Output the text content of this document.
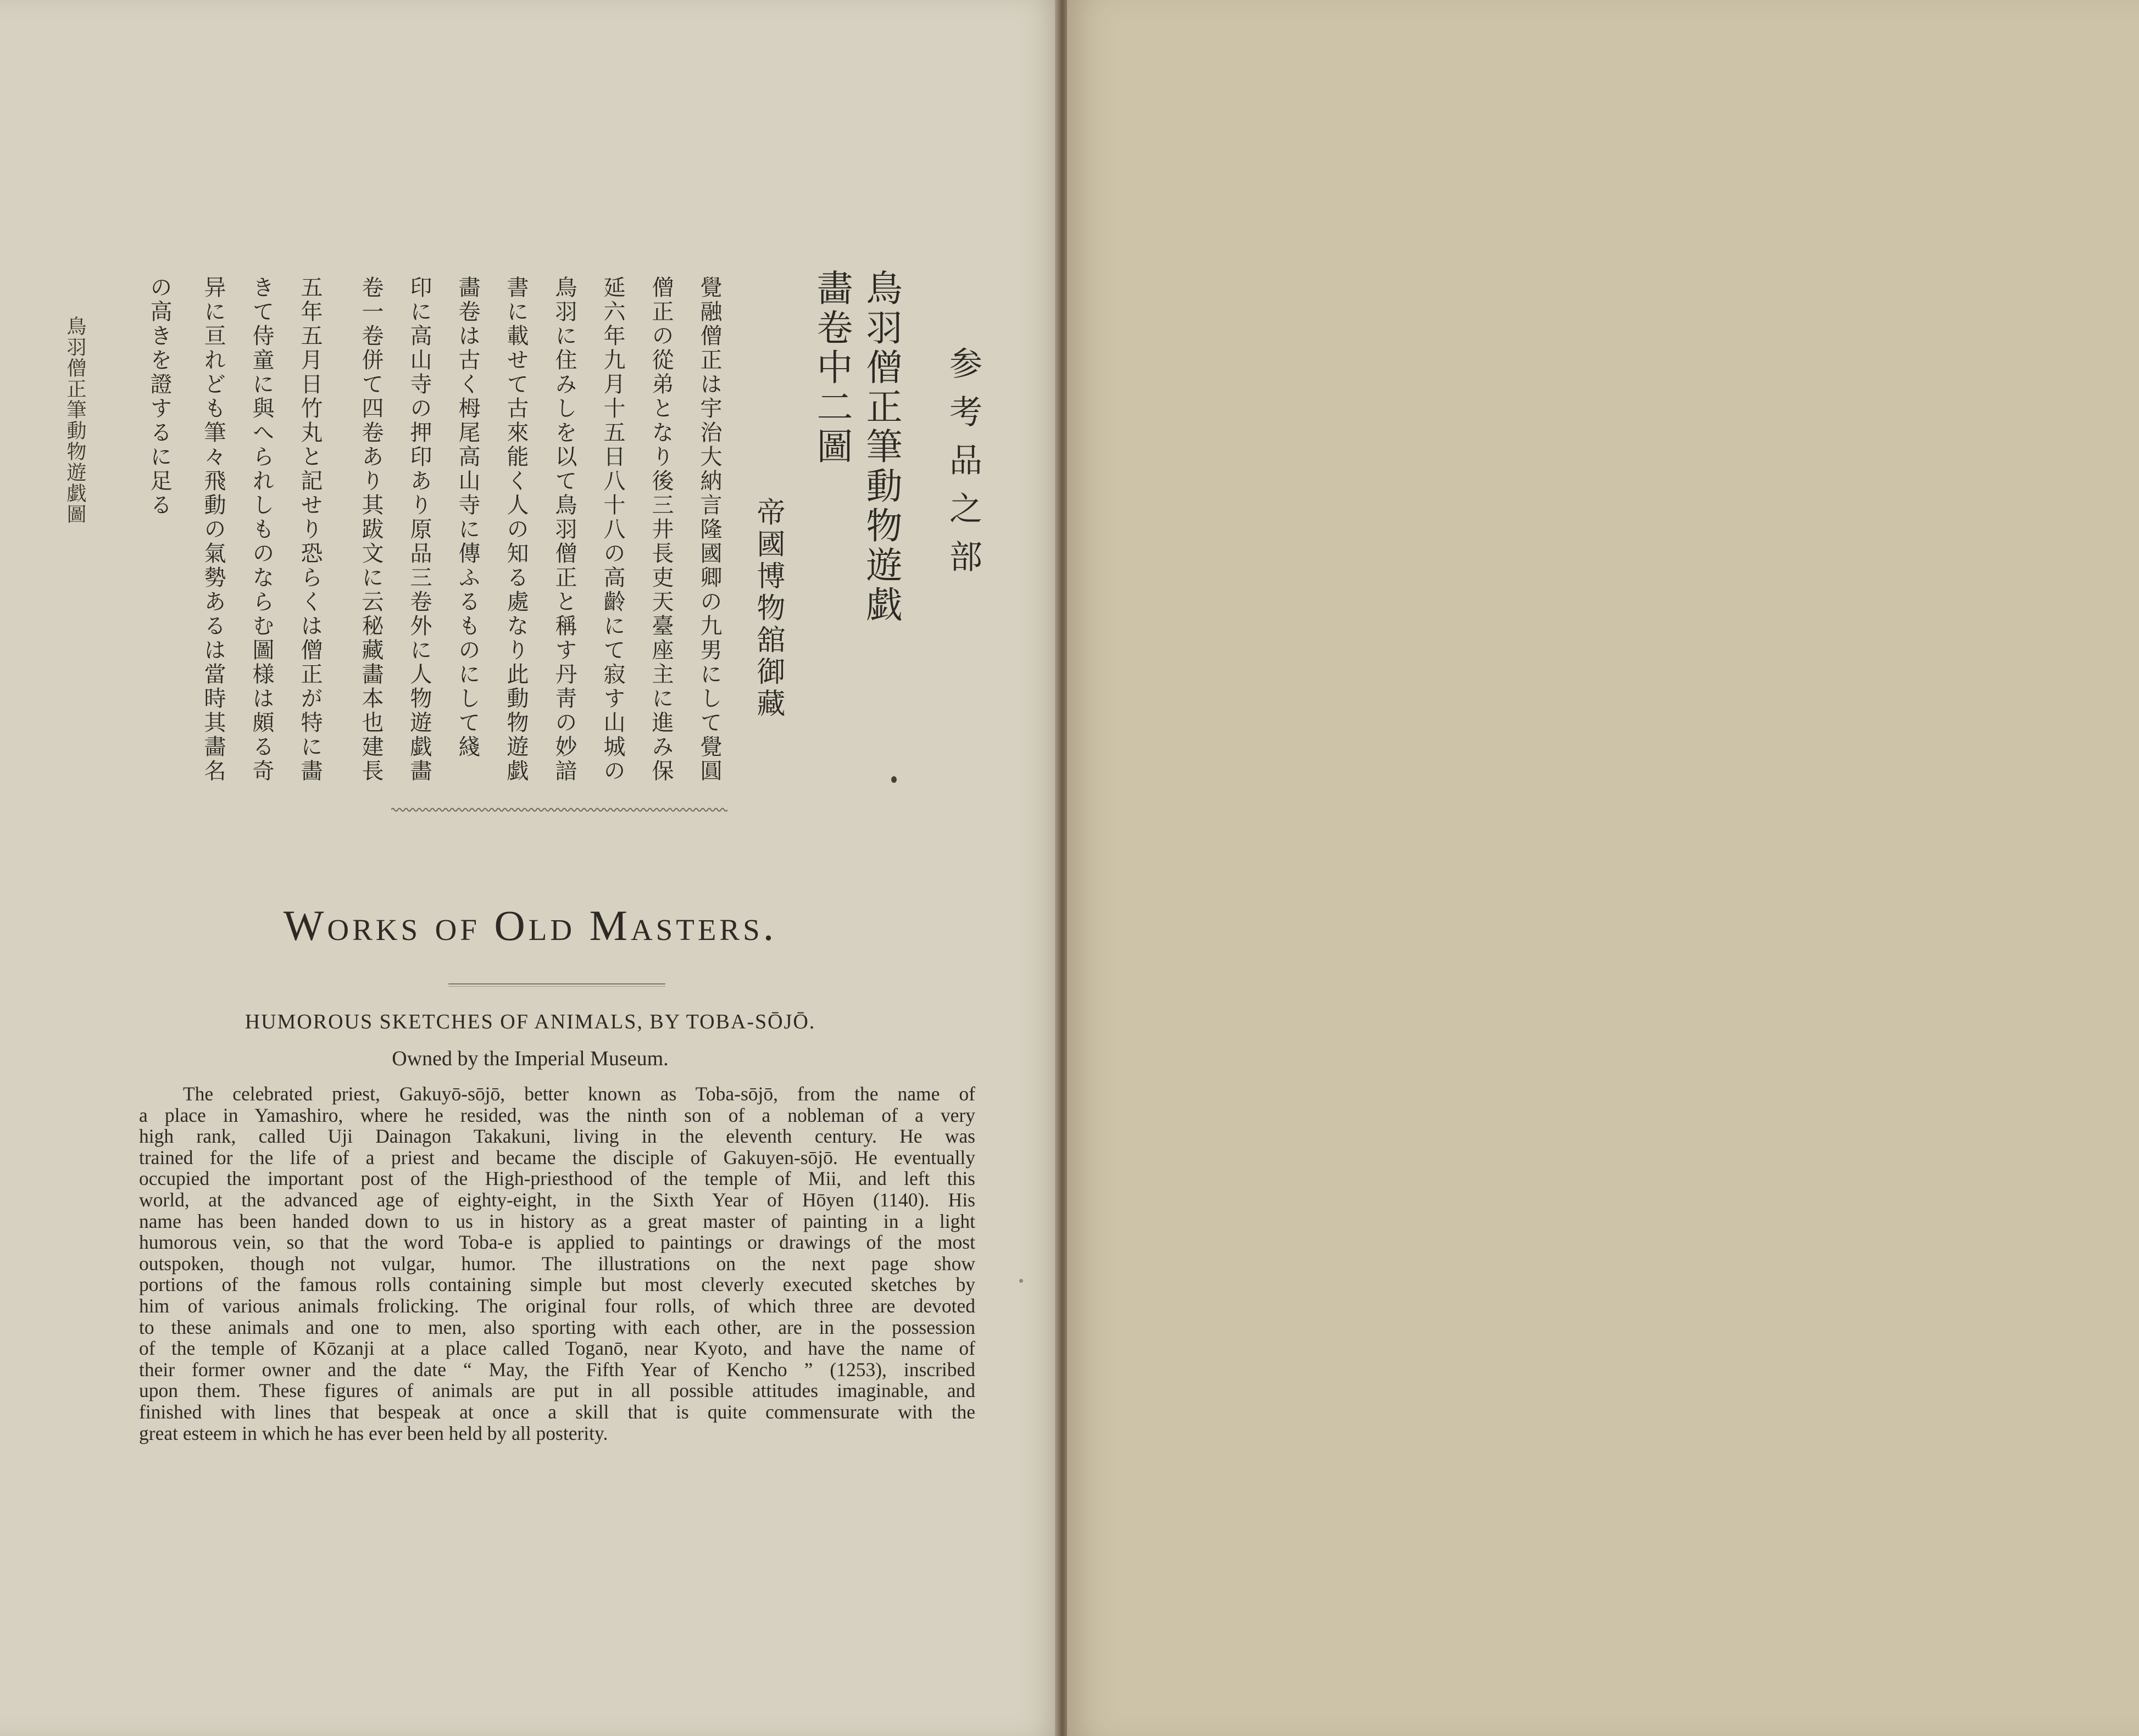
参考品之部
鳥羽僧正筆動物遊戯
畵卷中二圖
帝國博物舘御藏
覺融僧正は宇治大納言隆國卿の九男にして覺圓
僧正の從弟となり後三井長吏天臺座主に進み保
延六年九月十五日八十八の高齡にて寂す山城の
鳥羽に住みしを以て鳥羽僧正と稱す丹靑の妙諳
書に載せて古來能く人の知る處なり此動物遊戯
畵卷は古く栂尾高山寺に傳ふるものにして綫
印に高山寺の押印あり原品三卷外に人物遊戯畵
卷一卷併て四卷あり其跋文に云秘藏畵本也建長
五年五月日竹丸と記せり恐らくは僧正が特に畵
きて侍童に與へられしものならむ圖様は頗る奇
异に亘れども筆々飛動の氣勢あるは當時其畵名
の高きを證するに足る
鳥羽僧正筆動物遊戯圖
Works of Old Masters.
HUMOROUS SKETCHES OF ANIMALS, BY TOBA-SŌJŌ.
Owned by the Imperial Museum.
The celebrated priest, Gakuyō-sōjō, better known as Toba-sōjō, from the name of
a place in Yamashiro, where he resided, was the ninth son of a nobleman of a very
high rank, called Uji Dainagon Takakuni, living in the eleventh century. He was
trained for the life of a priest and became the disciple of Gakuyen-sōjō. He eventually
occupied the important post of the High-priesthood of the temple of Mii, and left this
world, at the advanced age of eighty-eight, in the Sixth Year of Hōyen (1140). His
name has been handed down to us in history as a great master of painting in a light
humorous vein, so that the word Toba-e is applied to paintings or drawings of the most
outspoken, though not vulgar, humor. The illustrations on the next page show
portions of the famous rolls containing simple but most cleverly executed sketches by
him of various animals frolicking. The original four rolls, of which three are devoted
to these animals and one to men, also sporting with each other, are in the possession
of the temple of Kōzanji at a place called Toganō, near Kyoto, and have the name of
their former owner and the date “ May, the Fifth Year of Kencho ” (1253), inscribed
upon them. These figures of animals are put in all possible attitudes imaginable, and
finished with lines that bespeak at once a skill that is quite commensurate with the
great esteem in which he has ever been held by all posterity.
